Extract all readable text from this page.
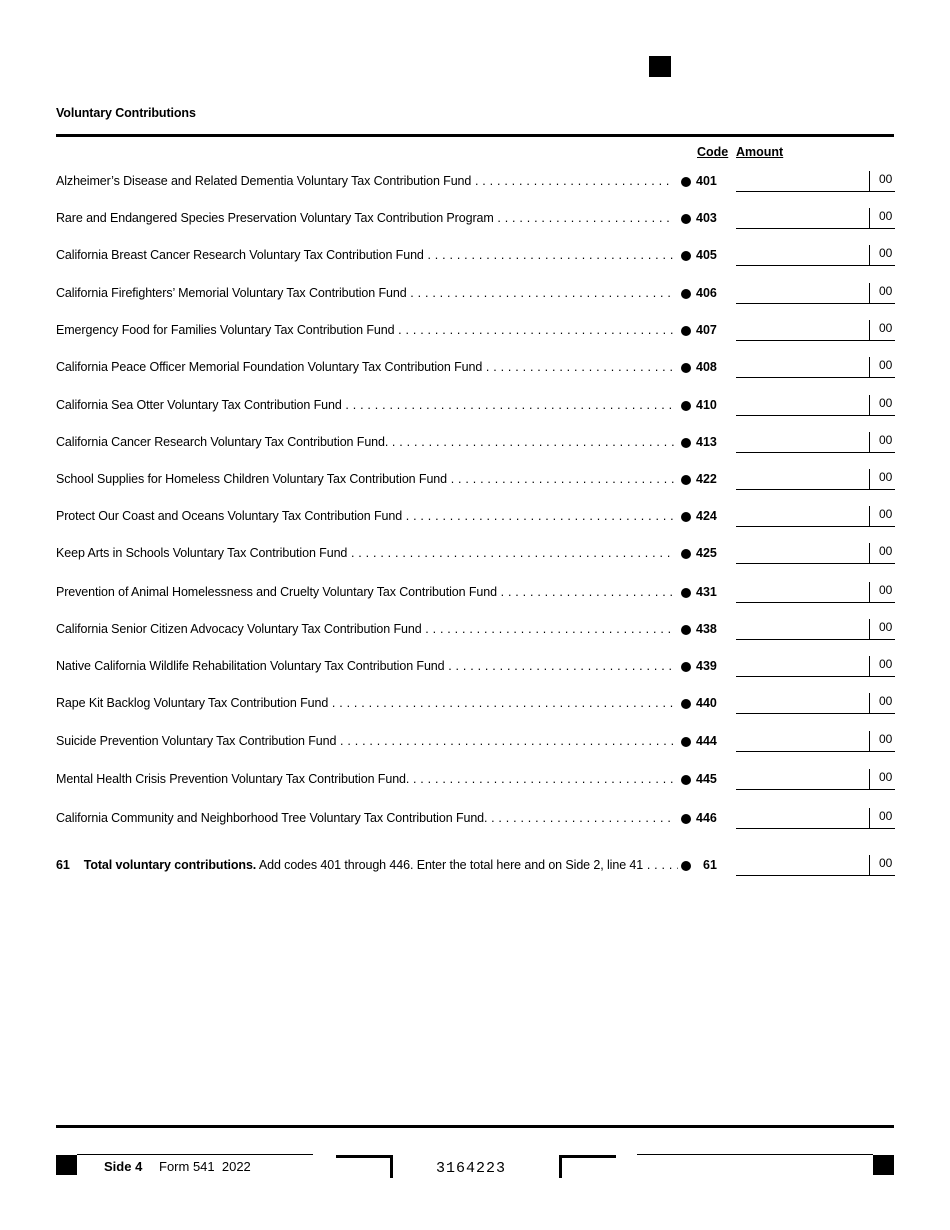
Voluntary Contributions
Code Amount
Alzheimer’s Disease and Related Dementia Voluntary Tax Contribution Fund . . .	401	00
Rare and Endangered Species Preservation Voluntary Tax Contribution Program . . .	403	00
California Breast Cancer Research Voluntary Tax Contribution Fund . . .	405	00
California Firefighters’ Memorial Voluntary Tax Contribution Fund . . .	406	00
Emergency Food for Families Voluntary Tax Contribution Fund . . .	407	00
California Peace Officer Memorial Foundation Voluntary Tax Contribution Fund . . .	408	00
California Sea Otter Voluntary Tax Contribution Fund . . .	410	00
California Cancer Research Voluntary Tax Contribution Fund. . . .	413	00
School Supplies for Homeless Children Voluntary Tax Contribution Fund . . .	422	00
Protect Our Coast and Oceans Voluntary Tax Contribution Fund . . .	424	00
Keep Arts in Schools Voluntary Tax Contribution Fund . . .	425	00
Prevention of Animal Homelessness and Cruelty Voluntary Tax Contribution Fund . . .	431	00
California Senior Citizen Advocacy Voluntary Tax Contribution Fund . . .	438	00
Native California Wildlife Rehabilitation Voluntary Tax Contribution Fund . . .	439	00
Rape Kit Backlog Voluntary Tax Contribution Fund . . .	440	00
Suicide Prevention Voluntary Tax Contribution Fund . . .	444	00
Mental Health Crisis Prevention Voluntary Tax Contribution Fund. . . .	445	00
California Community and Neighborhood Tree Voluntary Tax Contribution Fund. . . .	446	00
61 Total voluntary contributions. Add codes 401 through 446. Enter the total here and on Side 2, line 41 . . .	61	00
Side 4 Form 541  2022	3164223
